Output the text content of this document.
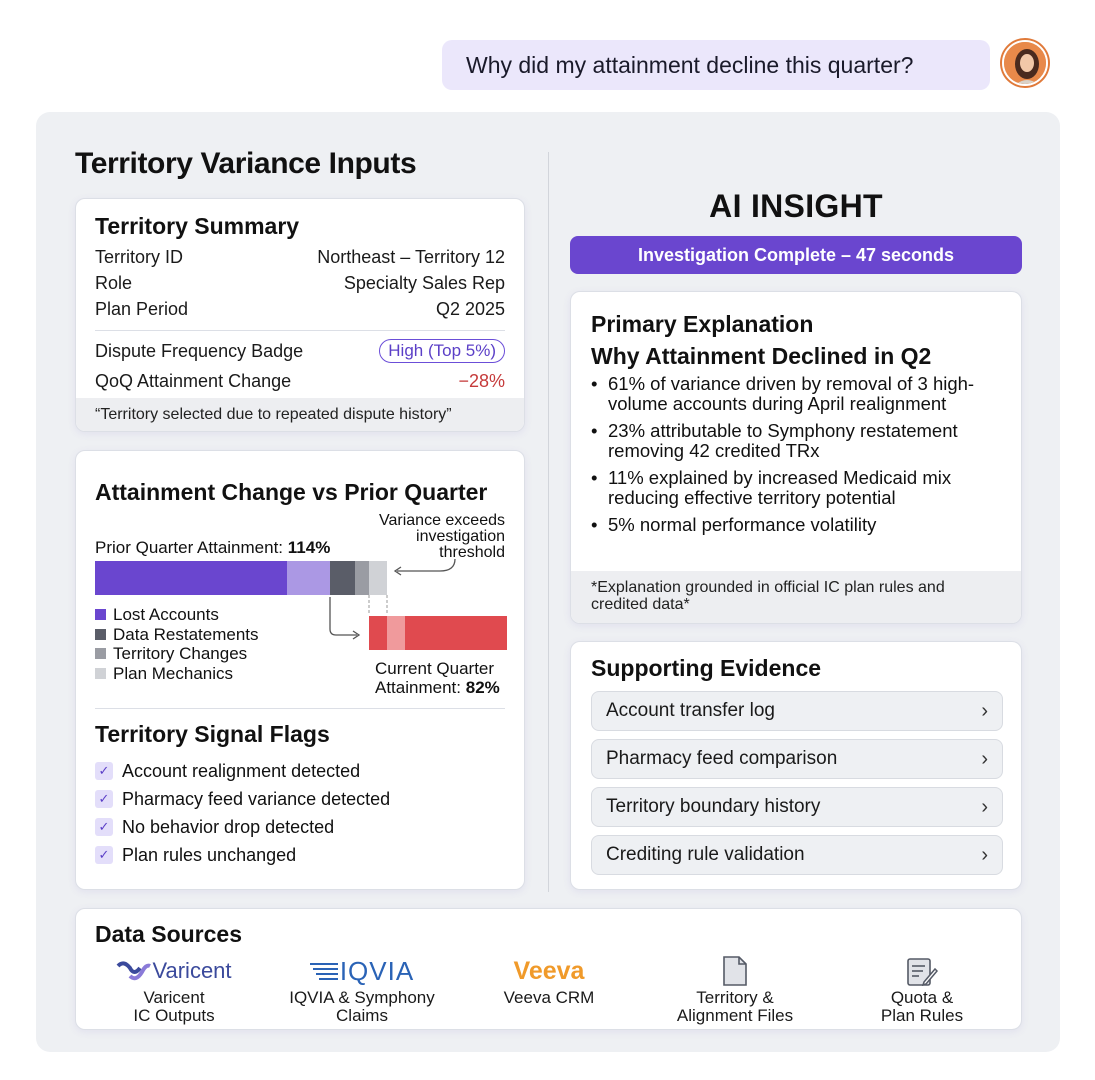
Why did my attainment decline this quarter?
Territory Variance Inputs
Territory Summary
Territory ID	Northeast – Territory 12
Role	Specialty Sales Rep
Plan Period	Q2 2025
Dispute Frequency Badge	High (Top 5%)
QoQ Attainment Change	−28%
“Territory selected due to repeated dispute history”
Attainment Change vs Prior Quarter
Prior Quarter Attainment: 114%
Variance exceeds investigation threshold
Lost Accounts
Data Restatements
Territory Changes
Plan Mechanics	Current Quarter
Attainment: 82%
Territory Signal Flags
✓ Account realignment detected
✓ Pharmacy feed variance detected
✓ No behavior drop detected
✓ Plan rules unchanged
AI INSIGHT
Investigation Complete – 47 seconds
Primary Explanation
Why Attainment Declined in Q2
• 61% of variance driven by removal of 3 high-volume accounts during April realignment
• 23% attributable to Symphony restatement removing 42 credited TRx
• 11% explained by increased Medicaid mix reducing effective territory potential
• 5% normal performance volatility
*Explanation grounded in official IC plan rules and credited data*
Supporting Evidence
Account transfer log	›
Pharmacy feed comparison	›
Territory boundary history	›
Crediting rule validation	›
Data Sources
Varicent
Varicent
IC Outputs
IQVIA
IQVIA & Symphony
Claims
Veeva
Veeva CRM	Territory &
Alignment Files
Quota &
Plan Rules
